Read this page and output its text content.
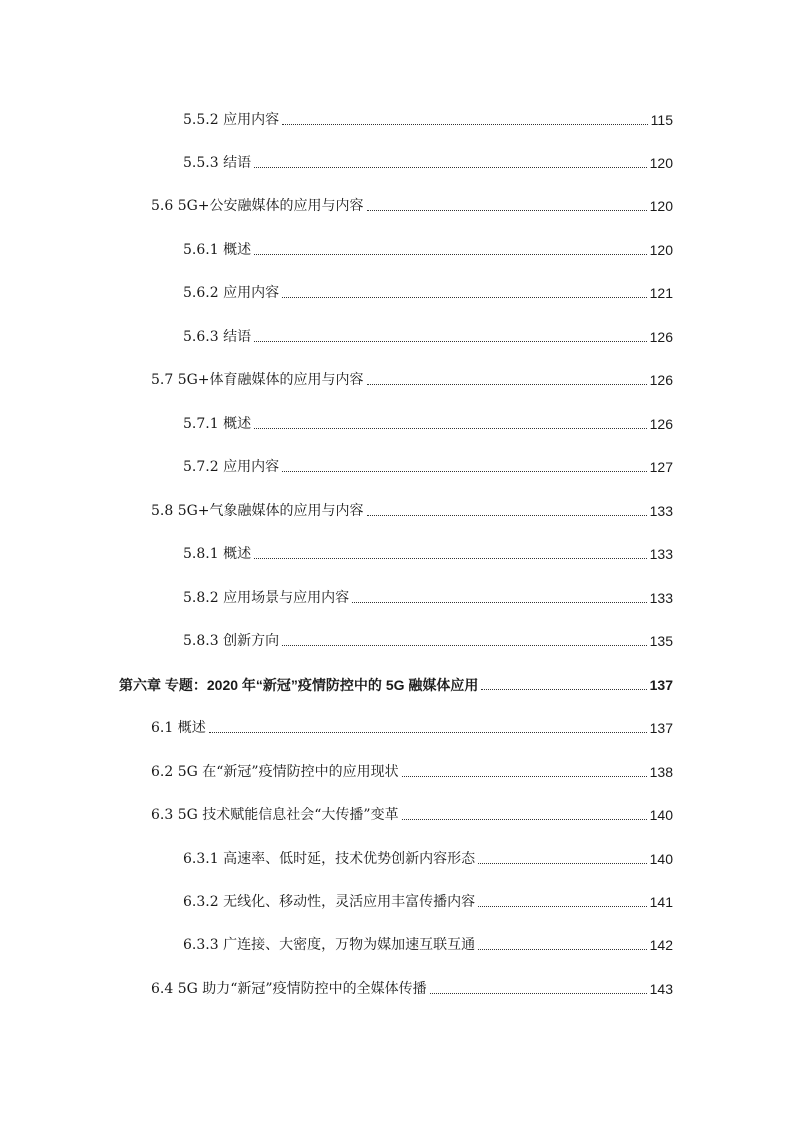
5.5.2 应用内容	115
5.5.3 结语	120
5.6 5G+公安融媒体的应用与内容	120
5.6.1 概述	120
5.6.2 应用内容	121
5.6.3 结语	126
5.7 5G+体育融媒体的应用与内容	126
5.7.1 概述	126
5.7.2 应用内容	127
5.8 5G+气象融媒体的应用与内容	133
5.8.1 概述	133
5.8.2 应用场景与应用内容	133
5.8.3 创新方向	135
第六章 专题：2020 年“新冠”疫情防控中的 5G 融媒体应用	137
6.1 概述	137
6.2 5G 在“新冠”疫情防控中的应用现状	138
6.3 5G 技术赋能信息社会“大传播”变革	140
6.3.1 高速率、低时延，技术优势创新内容形态	140
6.3.2 无线化、移动性，灵活应用丰富传播内容	141
6.3.3 广连接、大密度，万物为媒加速互联互通	142
6.4 5G 助力“新冠”疫情防控中的全媒体传播	143
